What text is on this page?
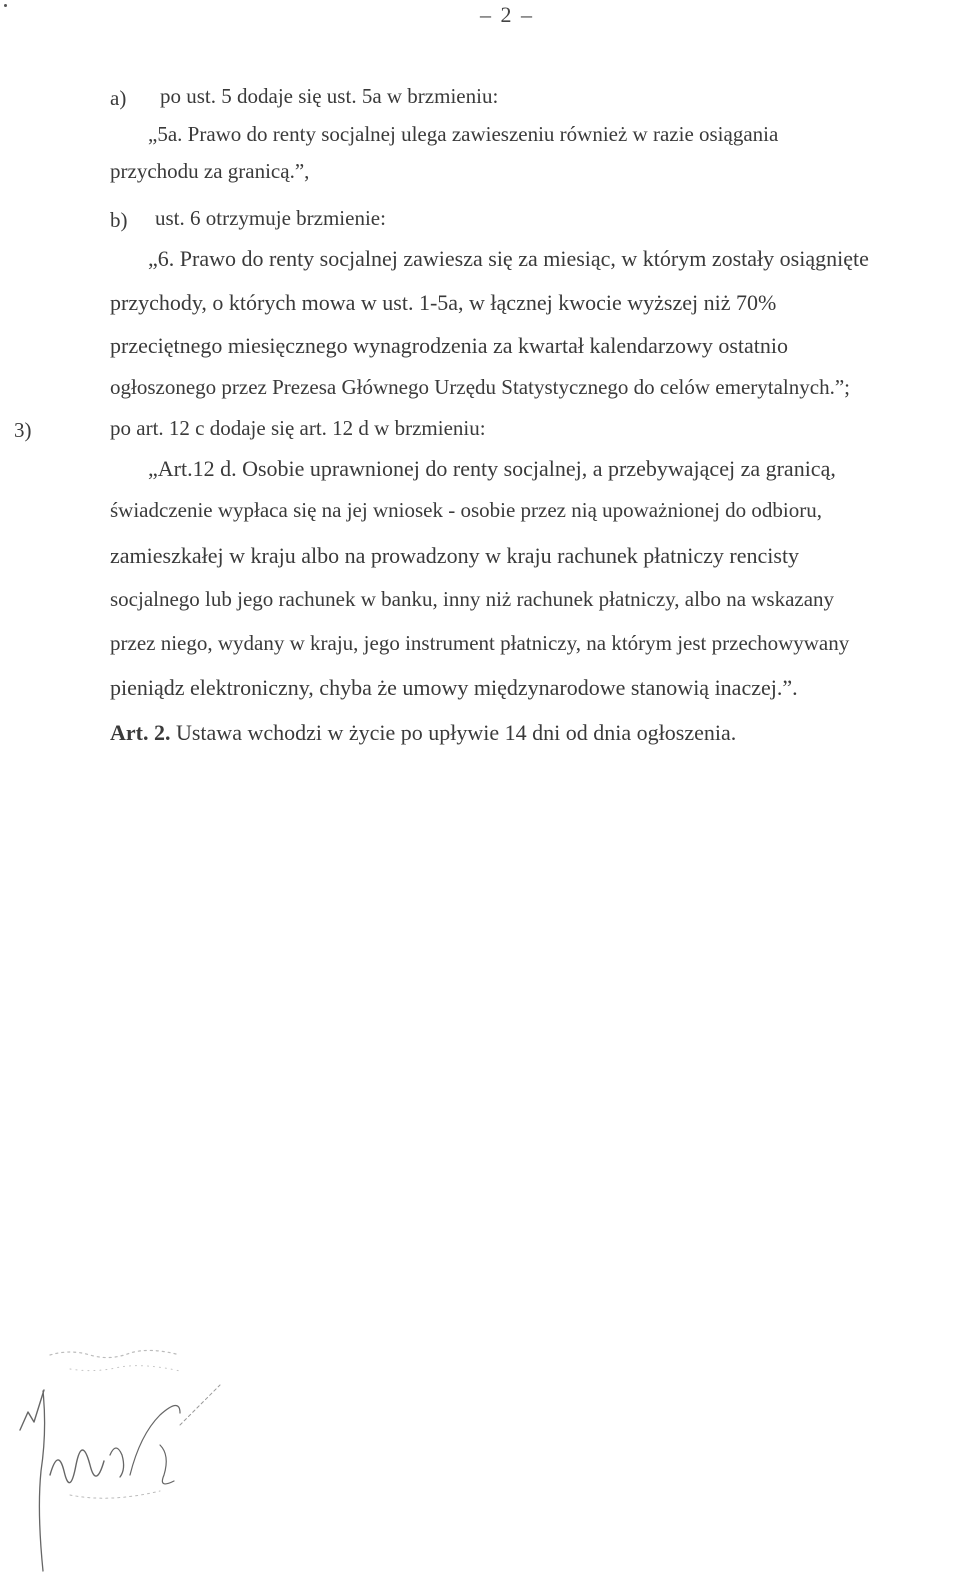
– 2 –
a) po ust. 5 dodaje się ust. 5a w brzmieniu:
„5a. Prawo do renty socjalnej ulega zawieszeniu również w razie osiągania
przychodu za granicą.”,
b) ust. 6 otrzymuje brzmienie:
„6. Prawo do renty socjalnej zawiesza się za miesiąc, w którym zostały osiągnięte
przychody, o których mowa w ust. 1-5a, w łącznej kwocie wyższej niż 70%
przeciętnego miesięcznego wynagrodzenia za kwartał kalendarzowy ostatnio
ogłoszonego przez Prezesa Głównego Urzędu Statystycznego do celów emerytalnych.”;
3)	po art. 12 c dodaje się art. 12 d w brzmieniu:
„Art.12 d. Osobie uprawnionej do renty socjalnej, a przebywającej za granicą,
świadczenie wypłaca się na jej wniosek - osobie przez nią upoważnionej do odbioru,
zamieszkałej w kraju albo na prowadzony w kraju rachunek płatniczy rencisty
socjalnego lub jego rachunek w banku, inny niż rachunek płatniczy, albo na wskazany
przez niego, wydany w kraju, jego instrument płatniczy, na którym jest przechowywany
pieniądz elektroniczny, chyba że umowy międzynarodowe stanowią inaczej.”.
Art. 2. Ustawa wchodzi w życie po upływie 14 dni od dnia ogłoszenia.
